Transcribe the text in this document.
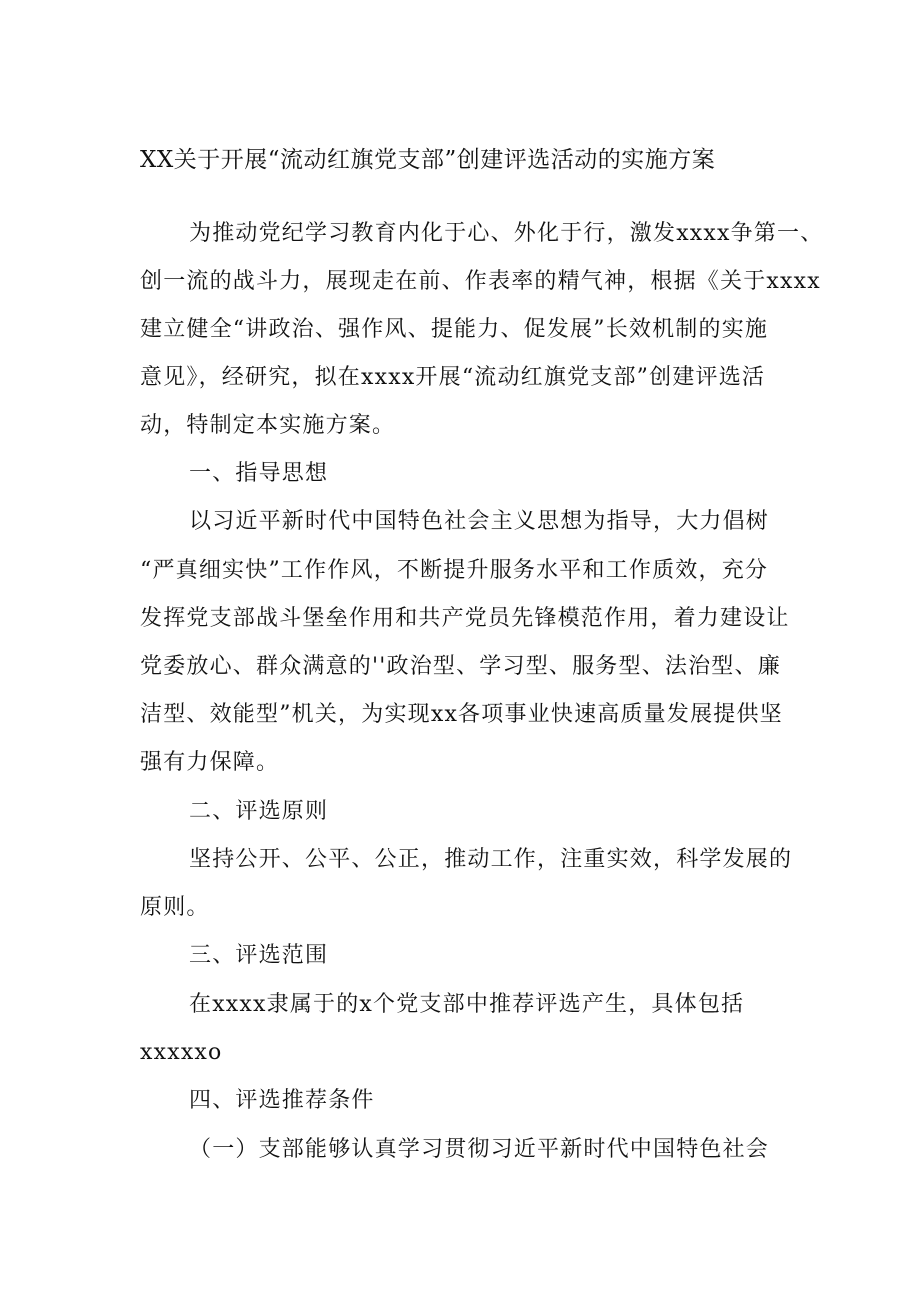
XX关于开展“流动红旗党支部”创建评选活动的实施方案
为推动党纪学习教育内化于心、外化于行，激发xxxx争第一、
创一流的战斗力，展现走在前、作表率的精气神，根据《关于xxxx
建立健全“讲政治、强作风、提能力、促发展”长效机制的实施
意见》，经研究，拟在xxxx开展“流动红旗党支部”创建评选活
动，特制定本实施方案。
一、指导思想
以习近平新时代中国特色社会主义思想为指导，大力倡树
“严真细实快”工作作风，不断提升服务水平和工作质效，充分
发挥党支部战斗堡垒作用和共产党员先锋模范作用，着力建设让
党委放心、群众满意的''政治型、学习型、服务型、法治型、廉
洁型、效能型”机关，为实现xx各项事业快速高质量发展提供坚
强有力保障。
二、评选原则
坚持公开、公平、公正，推动工作，注重实效，科学发展的
原则。
三、评选范围
在xxxx隶属于的x个党支部中推荐评选产生，具体包括
xxxxxo
四、评选推荐条件
（一）支部能够认真学习贯彻习近平新时代中国特色社会
